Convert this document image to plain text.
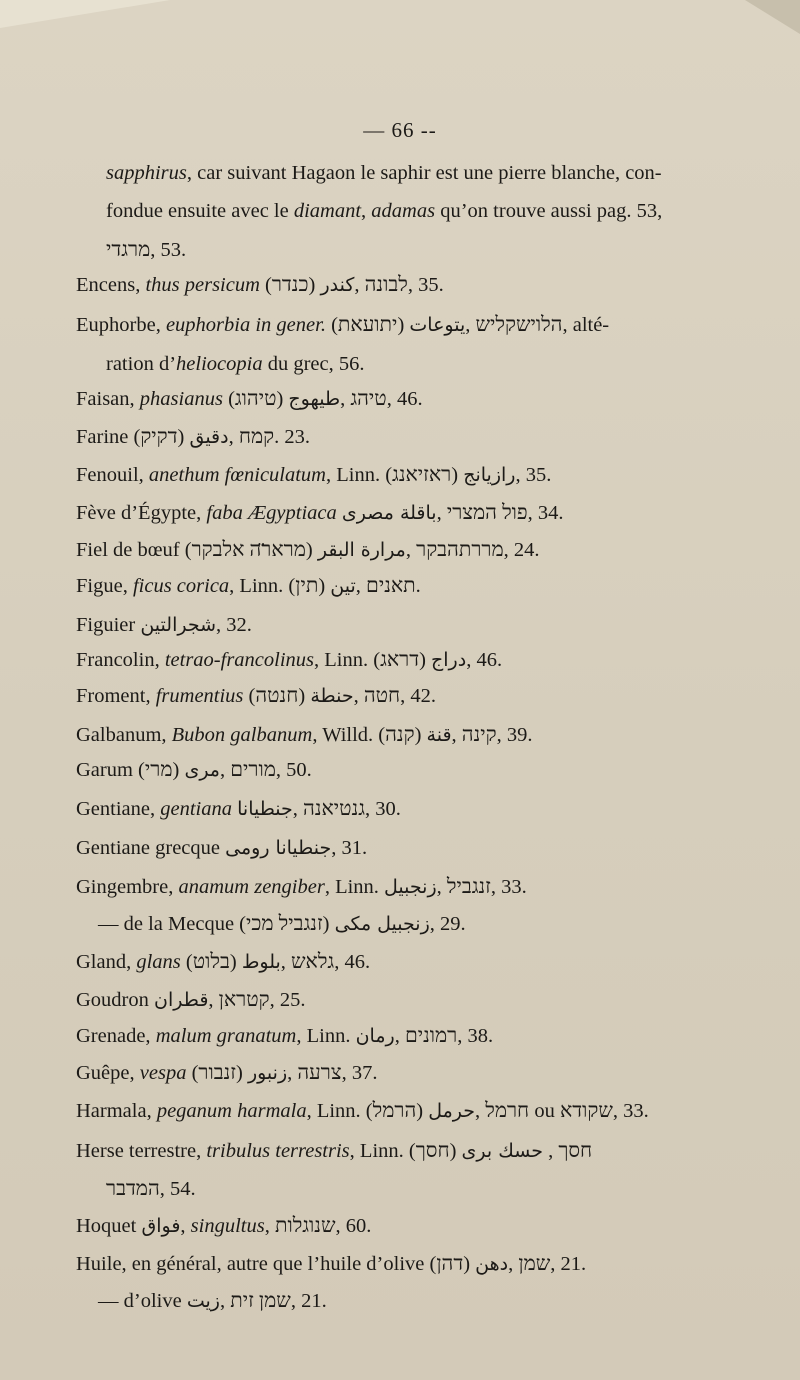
— 66 --
sapphirus, car suivant Hagaon le saphir est une pierre blanche, con-
fondue ensuite avec le diamant, adamas qu’on trouve aussi pag. 53,
מרגדי, 53.
Encens, thus persicum (כנדר) كندر, לבונה, 35.
Euphorbe, euphorbia in gener. (יתועאת) يتوعات, הלוישקליש, alté-
ration d’heliocopia du grec, 56.
Faisan, phasianus (טיהוג) طيهوج, טיהג, 46.
Farine (דקיק) دقيق, קמח. 23.
Fenouil, anethum fœniculatum, Linn. (ראזיאנג) رازيانج, 35.
Fève d’Égypte, faba Ægyptiaca باقلة مصرى, פול המצרי, 34.
Fiel de bœuf (מראר̈ה אלבקר) مرارة البقر, מררתהבקר, 24.
Figue, ficus corica, Linn. (תין) تين, תאנים.
Figuier شجرالتين, 32.
Francolin, tetrao-francolinus, Linn. (דראג) دراج, 46.
Froment, frumentius (חנטה) حنطة, חטה, 42.
Galbanum, Bubon galbanum, Willd. (קנה) قنة, קינה, 39.
Garum (מרי) مرى, מורים, 50.
Gentiane, gentiana جنطيانا, גנטיאנה, 30.
Gentiane grecque جنطيانا رومى, 31.
Gingembre, anamum zengiber, Linn. زنجبيل, זנגביל, 33.
— de la Mecque (זנגביל מכי) زنجبيل مكى, 29.
Gland, glans (בלוט) بلوط, גלאש, 46.
Goudron قطران, קטראן, 25.
Grenade, malum granatum, Linn. رمان, רמונים, 38.
Guêpe, vespa (זנבור) زنبور, צרעה, 37.
Harmala, peganum harmala, Linn. (הרמל) حرمل, חרמל ou שקודא, 33.
Herse terrestre, tribulus terrestris, Linn. (חסך) حسك برى , חסך
המדבר, 54.
Hoquet فواق, singultus, שנוגלות, 60.
Huile, en général, autre que l’huile d’olive (דהן) دهن, שמן, 21.
— d’olive زيت, שמן זית, 21.
